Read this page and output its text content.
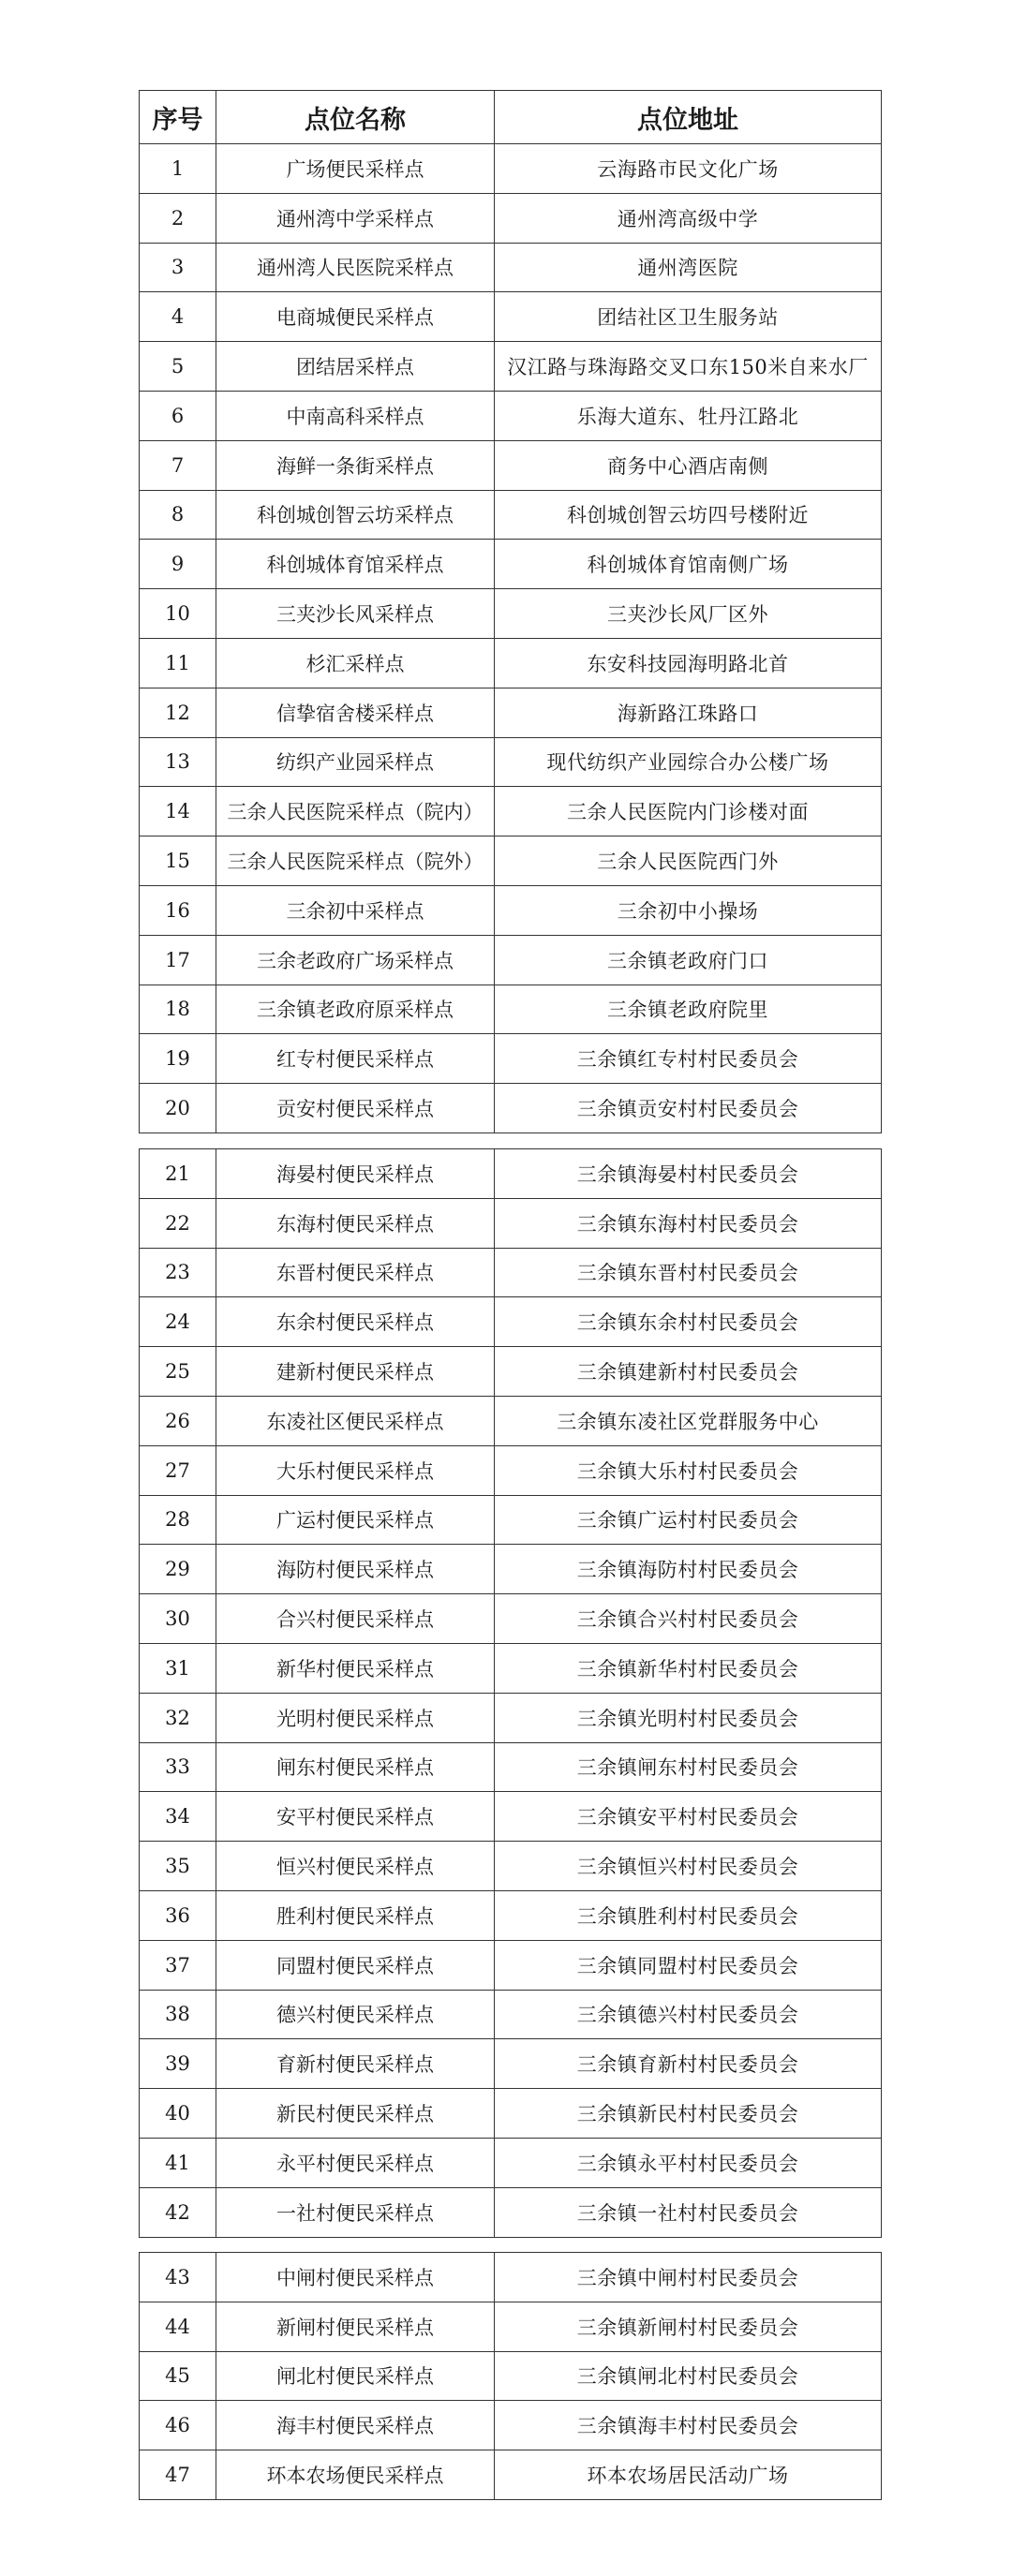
序号	点位名称	点位地址
1	广场便民采样点	云海路市民文化广场
2	通州湾中学采样点	通州湾高级中学
3	通州湾人民医院采样点	通州湾医院
4	电商城便民采样点	团结社区卫生服务站
5	团结居采样点	汉江路与珠海路交叉口东150米自来水厂
6	中南高科采样点	乐海大道东、牡丹江路北
7	海鲜一条街采样点	商务中心酒店南侧
8	科创城创智云坊采样点	科创城创智云坊四号楼附近
9	科创城体育馆采样点	科创城体育馆南侧广场
10	三夹沙长风采样点	三夹沙长风厂区外
11	杉汇采样点	东安科技园海明路北首
12	信挚宿舍楼采样点	海新路江珠路口
13	纺织产业园采样点	现代纺织产业园综合办公楼广场
14	三余人民医院采样点（院内）	三余人民医院内门诊楼对面
15	三余人民医院采样点（院外）	三余人民医院西门外
16	三余初中采样点	三余初中小操场
17	三余老政府广场采样点	三余镇老政府门口
18	三余镇老政府原采样点	三余镇老政府院里
19	红专村便民采样点	三余镇红专村村民委员会
20	贡安村便民采样点	三余镇贡安村村民委员会
21	海晏村便民采样点	三余镇海晏村村民委员会
22	东海村便民采样点	三余镇东海村村民委员会
23	东晋村便民采样点	三余镇东晋村村民委员会
24	东余村便民采样点	三余镇东余村村民委员会
25	建新村便民采样点	三余镇建新村村民委员会
26	东凌社区便民采样点	三余镇东凌社区党群服务中心
27	大乐村便民采样点	三余镇大乐村村民委员会
28	广运村便民采样点	三余镇广运村村民委员会
29	海防村便民采样点	三余镇海防村村民委员会
30	合兴村便民采样点	三余镇合兴村村民委员会
31	新华村便民采样点	三余镇新华村村民委员会
32	光明村便民采样点	三余镇光明村村民委员会
33	闸东村便民采样点	三余镇闸东村村民委员会
34	安平村便民采样点	三余镇安平村村民委员会
35	恒兴村便民采样点	三余镇恒兴村村民委员会
36	胜利村便民采样点	三余镇胜利村村民委员会
37	同盟村便民采样点	三余镇同盟村村民委员会
38	德兴村便民采样点	三余镇德兴村村民委员会
39	育新村便民采样点	三余镇育新村村民委员会
40	新民村便民采样点	三余镇新民村村民委员会
41	永平村便民采样点	三余镇永平村村民委员会
42	一社村便民采样点	三余镇一社村村民委员会
43	中闸村便民采样点	三余镇中闸村村民委员会
44	新闸村便民采样点	三余镇新闸村村民委员会
45	闸北村便民采样点	三余镇闸北村村民委员会
46	海丰村便民采样点	三余镇海丰村村民委员会
47	环本农场便民采样点	环本农场居民活动广场
